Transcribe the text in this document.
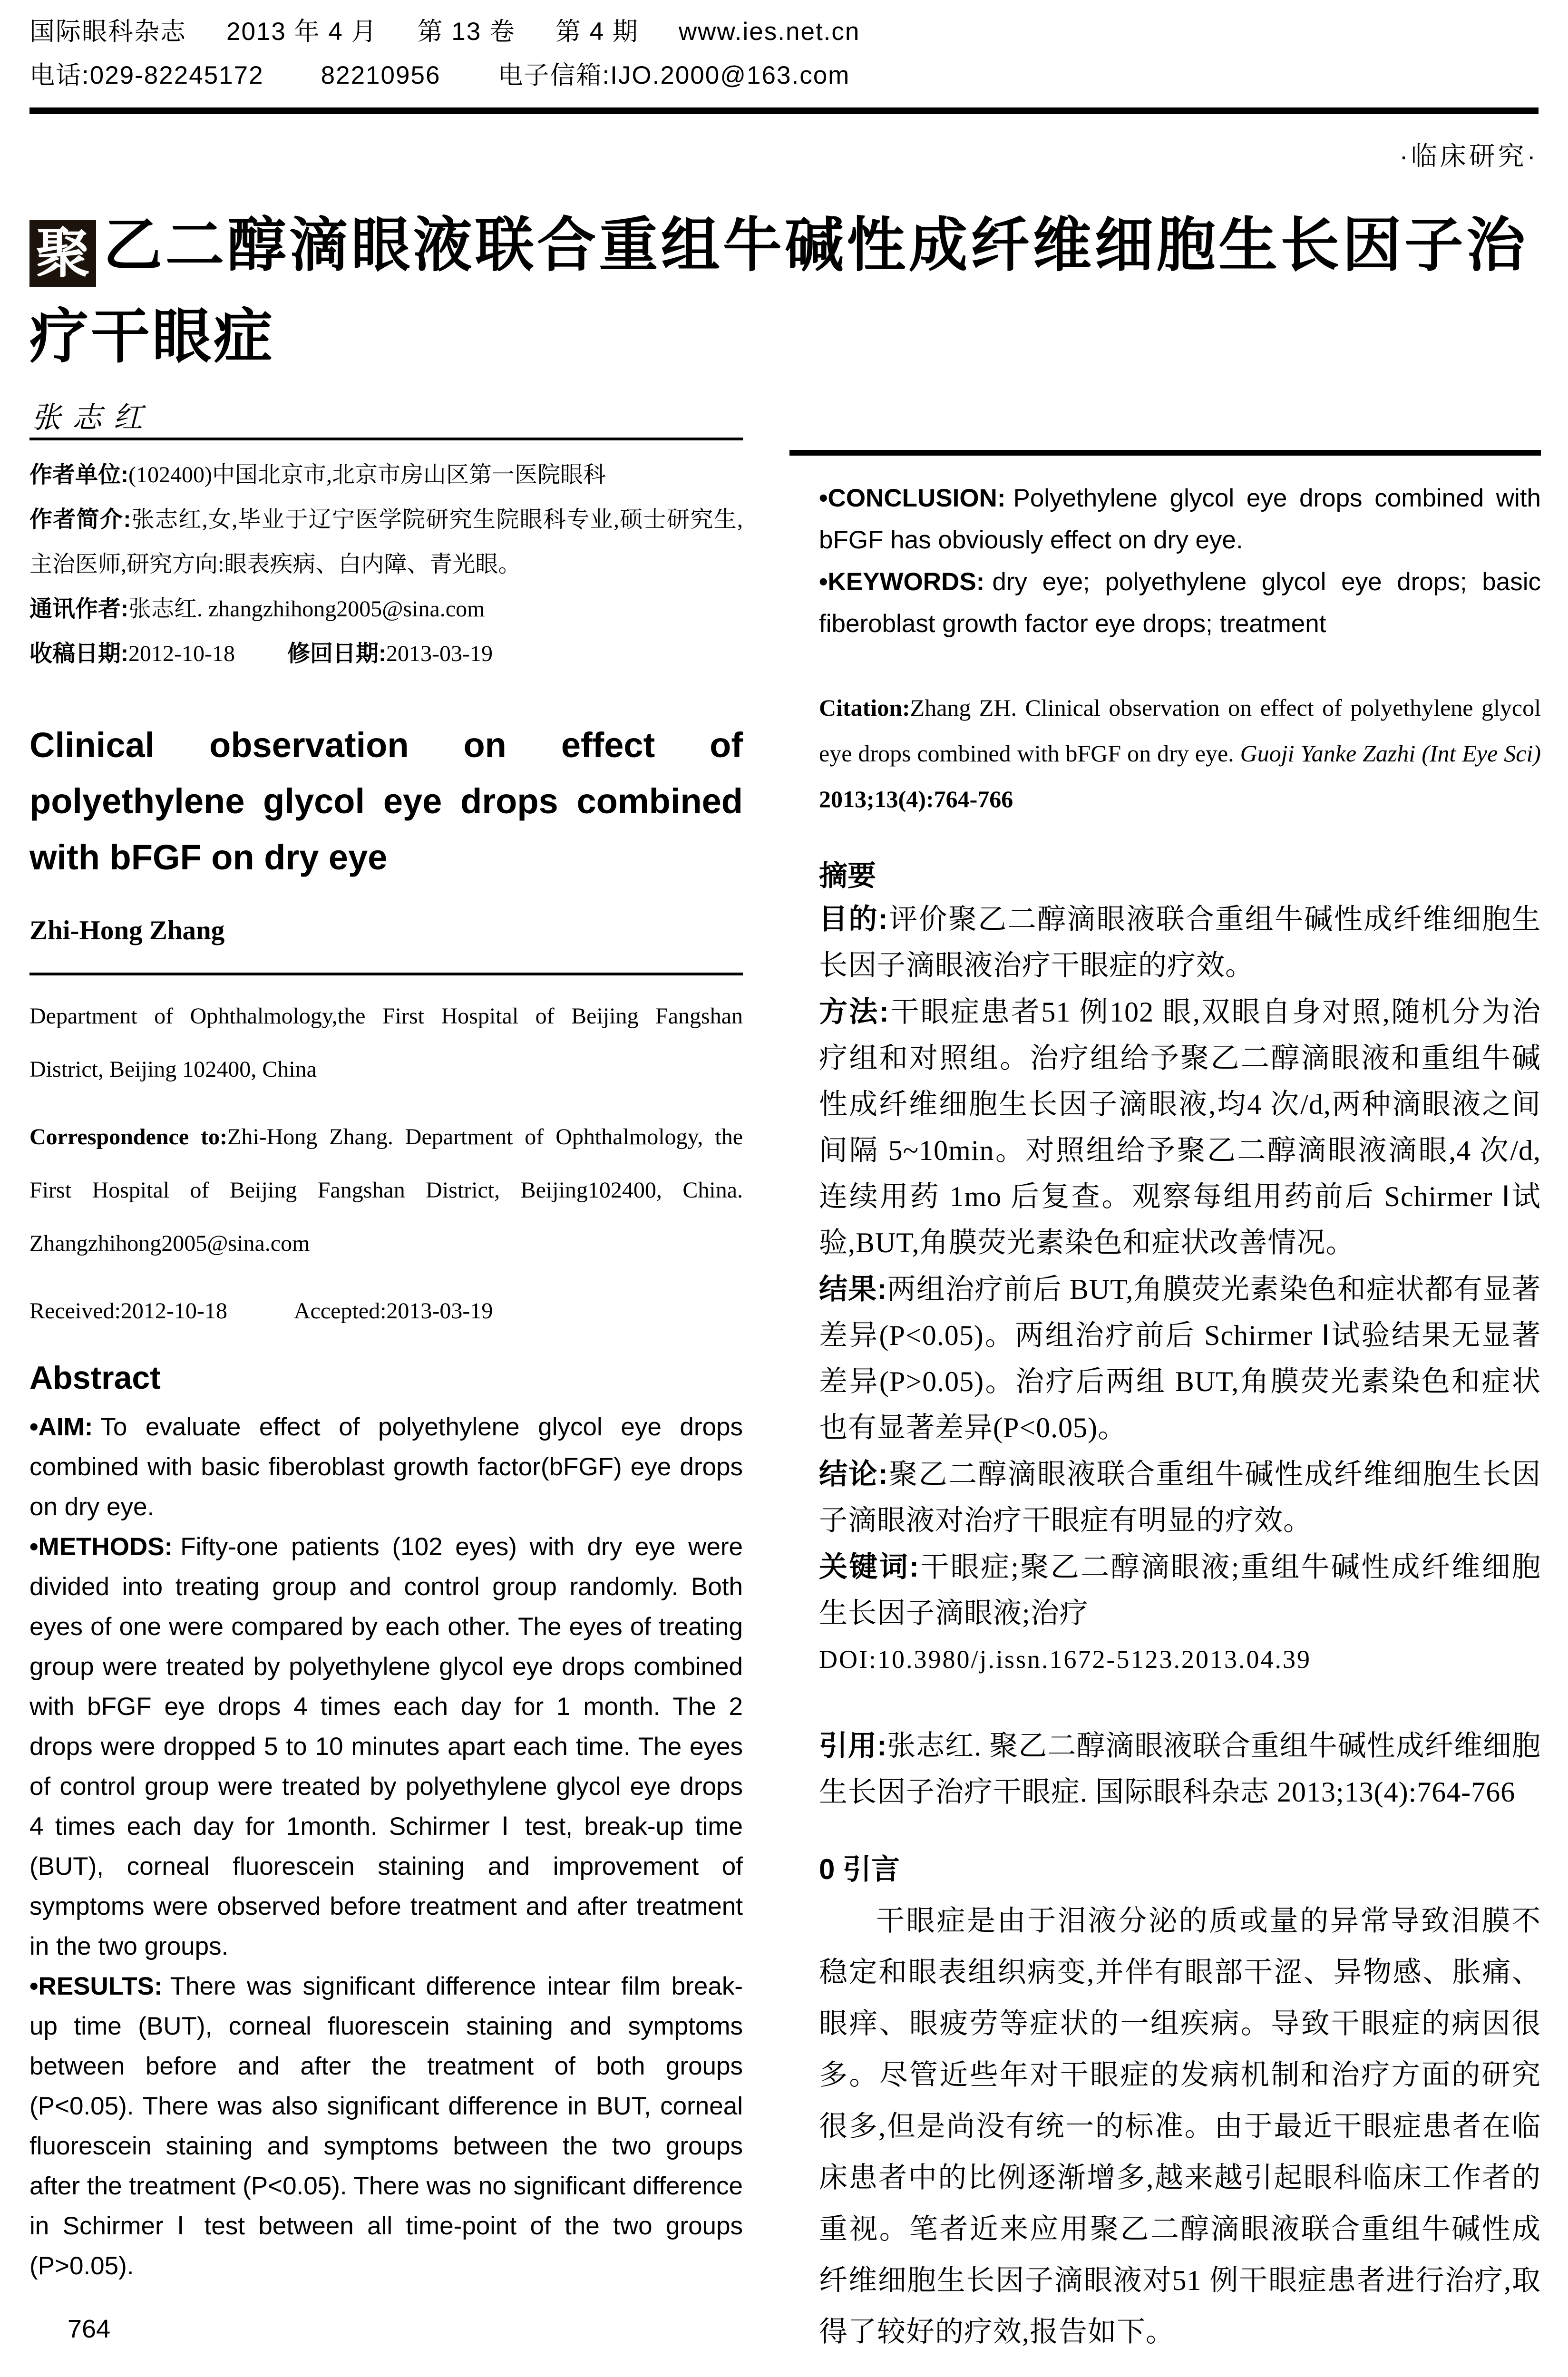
国际眼科杂志 2013 年 4 月 第 13 卷 第 4 期 www.ies.net.cn
电话:029-82245172 82210956 电子信箱:IJO.2000@163.com
·临床研究·
聚 乙二醇滴眼液联合重组牛碱性成纤维细胞生长因子治疗干眼症
张志红

作者单位:(102400)中国北京市,北京市房山区第一医院眼科

作者简介:张志红,女,毕业于辽宁医学院研究生院眼科专业,硕士研究生,主治医师,研究方向:眼表疾病、白内障、青光眼。

通讯作者:张志红. zhangzhihong2005@sina.com

收稿日期:2012-10-18 修回日期:2013-03-19

Clinical observation on effect of polyethylene glycol eye drops combined with bFGF on dry eye
Zhi-Hong Zhang

Department of Ophthalmology,the First Hospital of Beijing Fangshan District, Beijing 102400, China

Correspondence to:Zhi-Hong Zhang. Department of Ophthalmology, the First Hospital of Beijing Fangshan District, Beijing102400, China. Zhangzhihong2005@sina.com

Received:2012-10-18	Accepted:2013-03-19

Abstract

•AIM: To evaluate effect of polyethylene glycol eye drops combined with basic fiberoblast growth factor(bFGF) eye drops on dry eye.

•METHODS: Fifty-one patients (102 eyes) with dry eye were divided into treating group and control group randomly. Both eyes of one were compared by each other. The eyes of treating group were treated by polyethylene glycol eye drops combined with bFGF eye drops 4 times each day for 1 month. The 2 drops were dropped 5 to 10 minutes apart each time. The eyes of control group were treated by polyethylene glycol eye drops 4 times each day for 1month. Schirmer Ⅰ test, break-up time (BUT), corneal fluorescein staining and improvement of symptoms were observed before treatment and after treatment in the two groups.

•RESULTS: There was significant difference intear film break-up time (BUT), corneal fluorescein staining and symptoms between before and after the treatment of both groups (P<0.05). There was also significant difference in BUT, corneal fluorescein staining and symptoms between the two groups after the treatment (P<0.05). There was no significant difference in Schirmer Ⅰ test between all time-point of the two groups (P>0.05).

•CONCLUSION: Polyethylene glycol eye drops combined with bFGF has obviously effect on dry eye.

•KEYWORDS: dry eye; polyethylene glycol eye drops; basic fiberoblast growth factor eye drops; treatment

Citation:Zhang ZH. Clinical observation on effect of polyethylene glycol eye drops combined with bFGF on dry eye. Guoji Yanke Zazhi (Int Eye Sci) 2013;13(4):764-766

摘要

目的:评价聚乙二醇滴眼液联合重组牛碱性成纤维细胞生长因子滴眼液治疗干眼症的疗效。

方法:干眼症患者51 例102 眼,双眼自身对照,随机分为治疗组和对照组。治疗组给予聚乙二醇滴眼液和重组牛碱性成纤维细胞生长因子滴眼液,均4 次/d,两种滴眼液之间间隔 5~10min。对照组给予聚乙二醇滴眼液滴眼,4 次/d,连续用药 1mo 后复查。观察每组用药前后 Schirmer Ⅰ试验,BUT,角膜荧光素染色和症状改善情况。

结果:两组治疗前后 BUT,角膜荧光素染色和症状都有显著差异(P<0.05)。两组治疗前后 Schirmer Ⅰ试验结果无显著差异(P>0.05)。治疗后两组 BUT,角膜荧光素染色和症状也有显著差异(P<0.05)。

结论:聚乙二醇滴眼液联合重组牛碱性成纤维细胞生长因子滴眼液对治疗干眼症有明显的疗效。

关键词:干眼症;聚乙二醇滴眼液;重组牛碱性成纤维细胞生长因子滴眼液;治疗

DOI:10.3980/j.issn.1672-5123.2013.04.39

引用:张志红. 聚乙二醇滴眼液联合重组牛碱性成纤维细胞生长因子治疗干眼症. 国际眼科杂志 2013;13(4):764-766

0 引言

干眼症是由于泪液分泌的质或量的异常导致泪膜不稳定和眼表组织病变,并伴有眼部干涩、异物感、胀痛、眼痒、眼疲劳等症状的一组疾病。导致干眼症的病因很多。尽管近些年对干眼症的发病机制和治疗方面的研究很多,但是尚没有统一的标准。由于最近干眼症患者在临床患者中的比例逐渐增多,越来越引起眼科临床工作者的重视。笔者近来应用聚乙二醇滴眼液联合重组牛碱性成纤维细胞生长因子滴眼液对51 例干眼症患者进行治疗,取得了较好的疗效,报告如下。

764
